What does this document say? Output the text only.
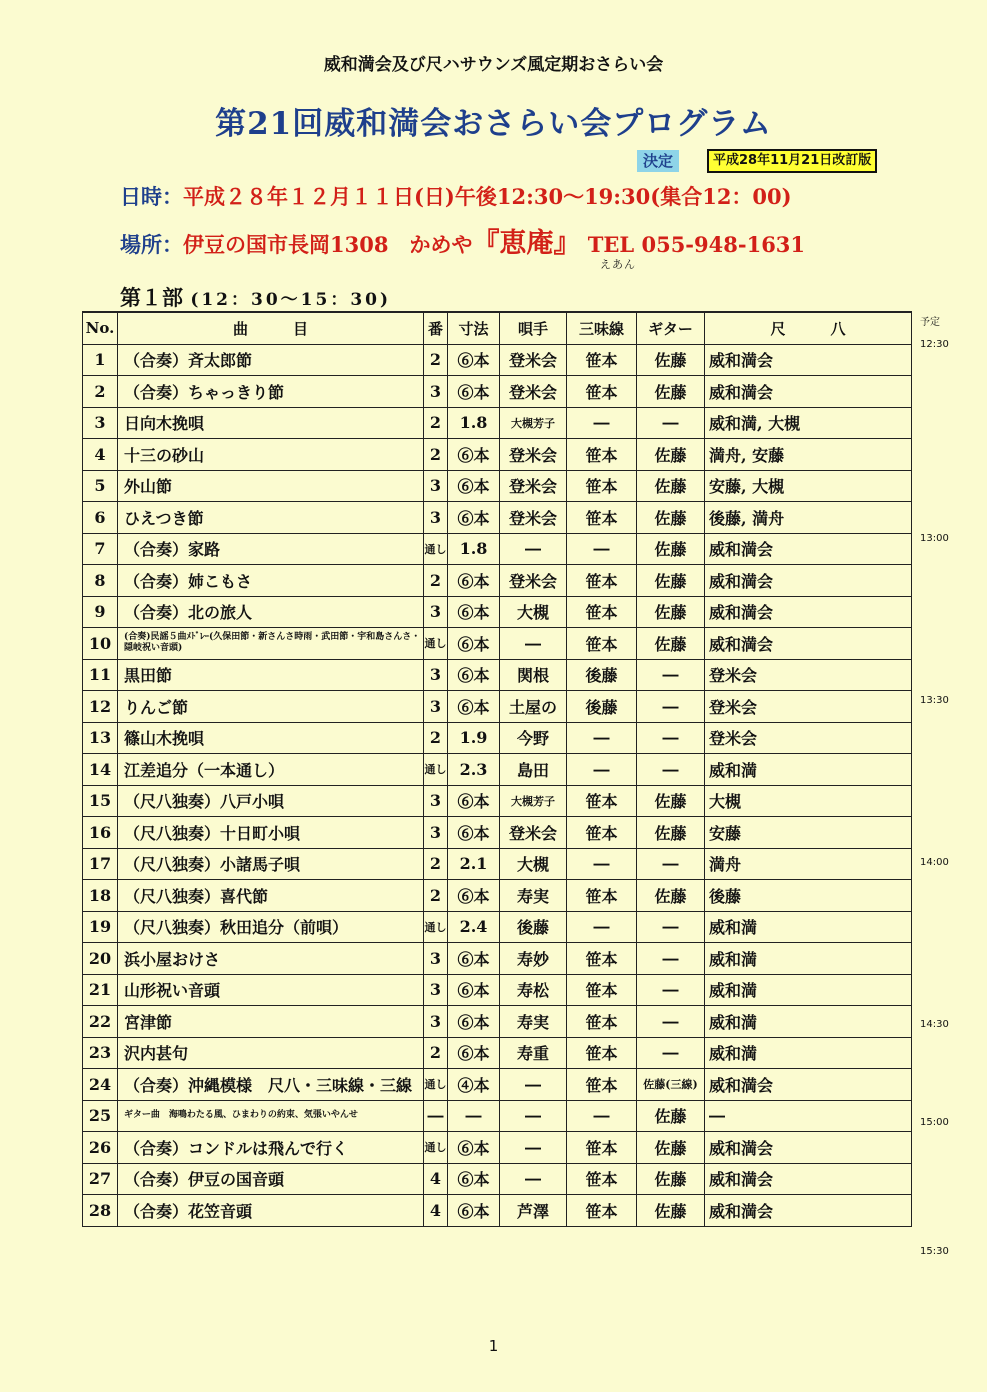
威和満会及び尺ハサウンズ風定期おさらい会
第21回威和満会おさらい会プログラム
決定	平成28年11月21日改訂版
日時：平成２８年１２月１１日(日)午後12:30～19:30(集合12：00)
場所：伊豆の国市長岡1308　かめや『恵庵』 TEL 055-948-1631
えあん
第１部 (12：30～15：30)
No.	曲　　　目	番	寸法	唄手	三味線	ギター	尺　　　八
1	（合奏）斉太郎節	2	⑥本	登米会	笹本	佐藤	威和満会
2	（合奏）ちゃっきり節	3	⑥本	登米会	笹本	佐藤	威和満会
3	日向木挽唄	2	1.8	大槻芳子	―	―	威和満, 大槻
4	十三の砂山	2	⑥本	登米会	笹本	佐藤	満舟, 安藤
5	外山節	3	⑥本	登米会	笹本	佐藤	安藤, 大槻
6	ひえつき節	3	⑥本	登米会	笹本	佐藤	後藤, 満舟
7	（合奏）家路	通し	1.8	―	―	佐藤	威和満会
8	（合奏）姉こもさ	2	⑥本	登米会	笹本	佐藤	威和満会
9	（合奏）北の旅人	3	⑥本	大槻	笹本	佐藤	威和満会
10	(合奏)民謡５曲ﾒﾄﾞﾚｰ(久保田節・新さんさ時雨・武田節・宇和島さんさ・隠岐祝い音頭)	通し	⑥本	―	笹本	佐藤	威和満会
11	黒田節	3	⑥本	関根	後藤	―	登米会
12	りんご節	3	⑥本	土屋の	後藤	―	登米会
13	篠山木挽唄	2	1.9	今野	―	―	登米会
14	江差追分（一本通し）	通し	2.3	島田	―	―	威和満
15	（尺八独奏）八戸小唄	3	⑥本	大槻芳子	笹本	佐藤	大槻
16	（尺八独奏）十日町小唄	3	⑥本	登米会	笹本	佐藤	安藤
17	（尺八独奏）小諸馬子唄	2	2.1	大槻	―	―	満舟
18	（尺八独奏）喜代節	2	⑥本	寿実	笹本	佐藤	後藤
19	（尺八独奏）秋田追分（前唄）	通し	2.4	後藤	―	―	威和満
20	浜小屋おけさ	3	⑥本	寿妙	笹本	―	威和満
21	山形祝い音頭	3	⑥本	寿松	笹本	―	威和満
22	宮津節	3	⑥本	寿実	笹本	―	威和満
23	沢内甚句	2	⑥本	寿重	笹本	―	威和満
24	（合奏）沖縄模様　尺八・三味線・三線	通し	④本	―	笹本	佐藤(三線)	威和満会
25	ギター曲　海鳴わたる風、ひまわりの約束、気張いやんせ	―	―	―	―	佐藤	―
26	（合奏）コンドルは飛んで行く	通し	⑥本	―	笹本	佐藤	威和満会
27	（合奏）伊豆の国音頭	4	⑥本	―	笹本	佐藤	威和満会
28	（合奏）花笠音頭	4	⑥本	芦澤	笹本	佐藤	威和満会
予定
12:30
13:00
13:30
14:00
14:30
15:00
15:30
1
